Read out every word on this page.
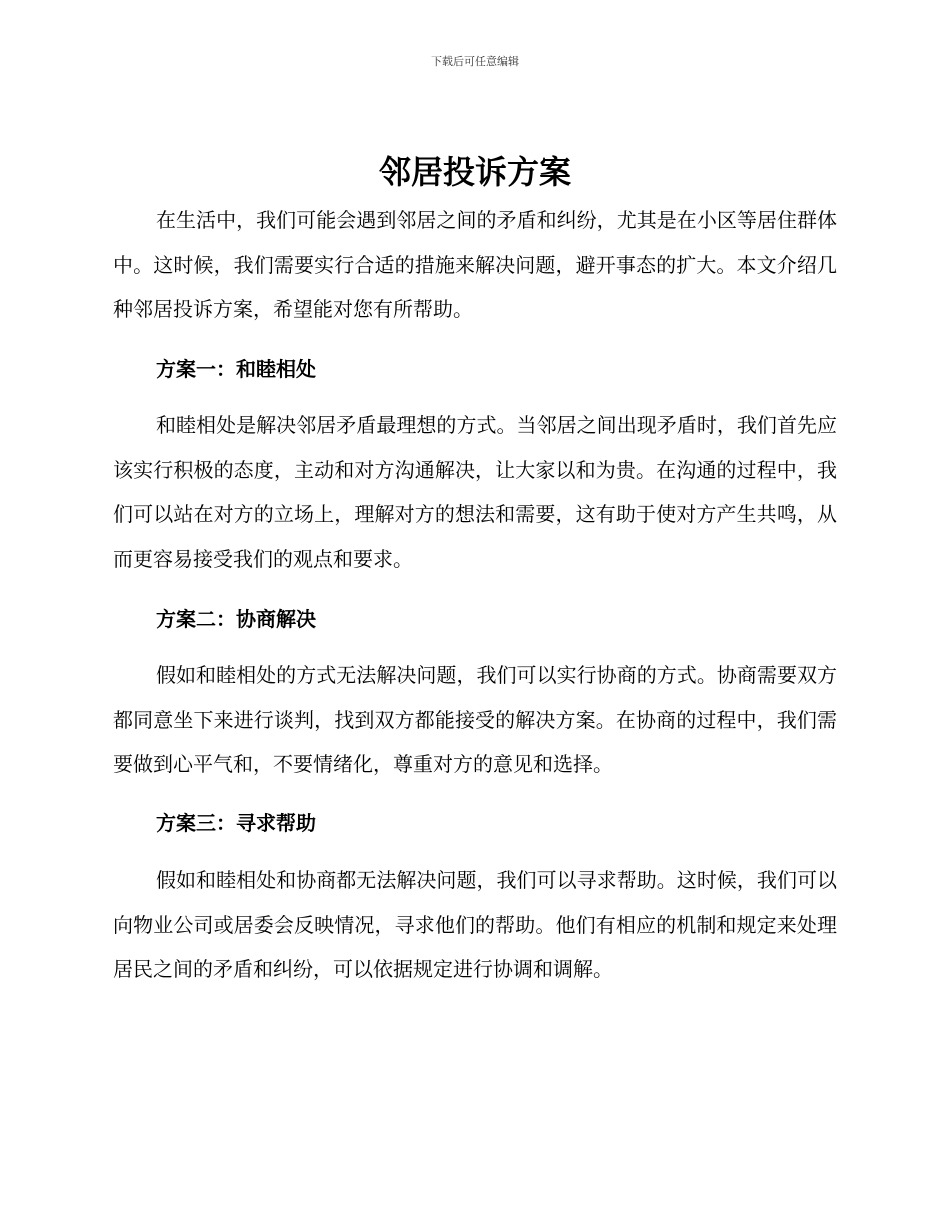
下载后可任意编辑
邻居投诉方案

在生活中，我们可能会遇到邻居之间的矛盾和纠纷，尤其是在小区等居住群体中。这时候，我们需要实行合适的措施来解决问题，避开事态的扩大。本文介绍几种邻居投诉方案，希望能对您有所帮助。

方案一：和睦相处

和睦相处是解决邻居矛盾最理想的方式。当邻居之间出现矛盾时，我们首先应该实行积极的态度，主动和对方沟通解决，让大家以和为贵。在沟通的过程中，我们可以站在对方的立场上，理解对方的想法和需要，这有助于使对方产生共鸣，从而更容易接受我们的观点和要求。

方案二：协商解决

假如和睦相处的方式无法解决问题，我们可以实行协商的方式。协商需要双方都同意坐下来进行谈判，找到双方都能接受的解决方案。在协商的过程中，我们需要做到心平气和，不要情绪化，尊重对方的意见和选择。

方案三：寻求帮助

假如和睦相处和协商都无法解决问题，我们可以寻求帮助。这时候，我们可以向物业公司或居委会反映情况，寻求他们的帮助。他们有相应的机制和规定来处理居民之间的矛盾和纠纷，可以依据规定进行协调和调解。
